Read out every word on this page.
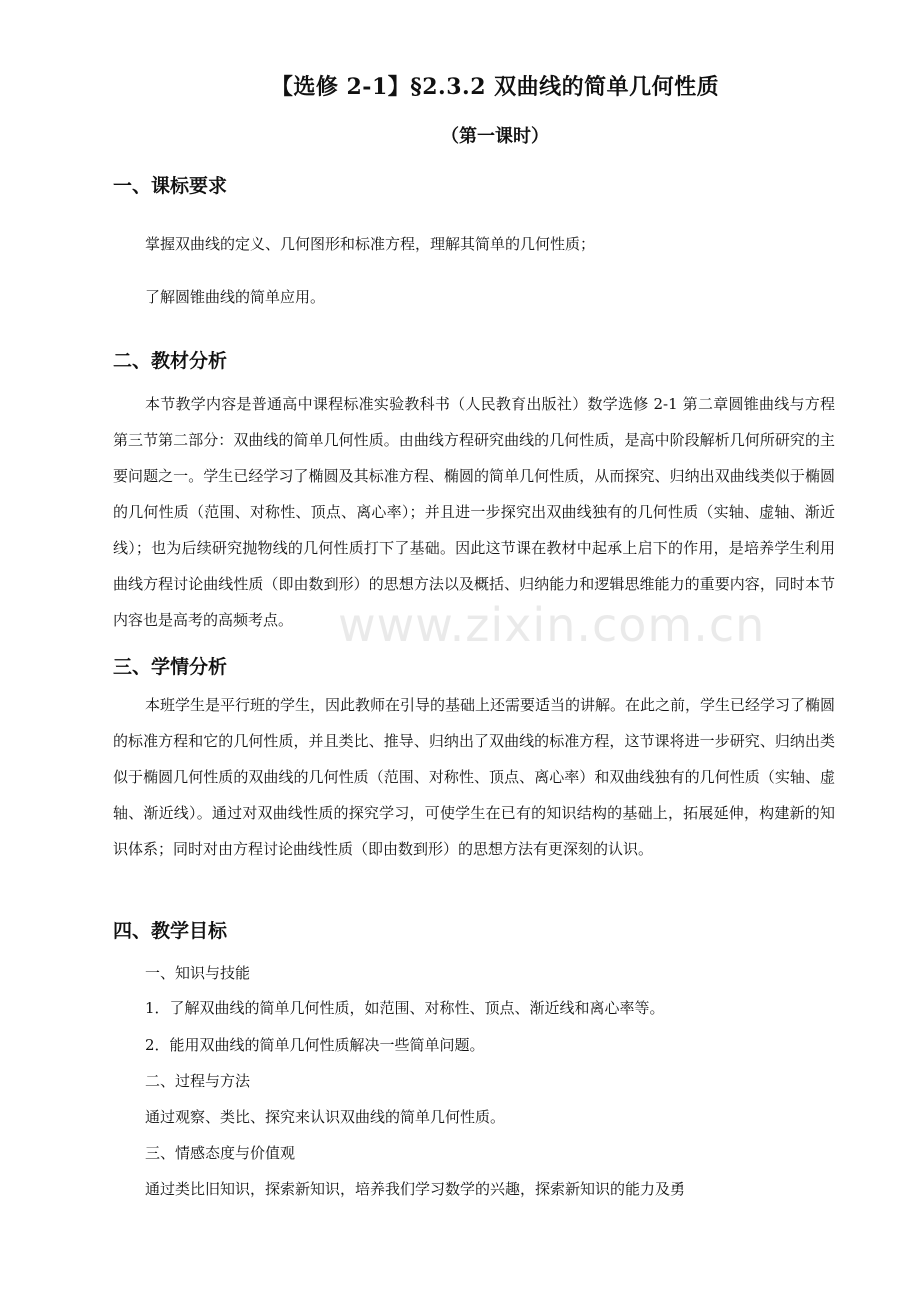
www.zixin.com.cn
【选修 2-1】§2.3.2 双曲线的简单几何性质
（第一课时）
一、课标要求
掌握双曲线的定义、几何图形和标准方程，理解其简单的几何性质；
了解圆锥曲线的简单应用。
二、教材分析
本节教学内容是普通高中课程标准实验教科书（人民教育出版社）数学选修 2-1 第二章圆锥曲线与方程第三节第二部分：双曲线的简单几何性质。由曲线方程研究曲线的几何性质，是高中阶段解析几何所研究的主要问题之一。学生已经学习了椭圆及其标准方程、椭圆的简单几何性质，从而探究、归纳出双曲线类似于椭圆的几何性质（范围、对称性、顶点、离心率）；并且进一步探究出双曲线独有的几何性质（实轴、虚轴、渐近线）；也为后续研究抛物线的几何性质打下了基础。因此这节课在教材中起承上启下的作用，是培养学生利用曲线方程讨论曲线性质（即由数到形）的思想方法以及概括、归纳能力和逻辑思维能力的重要内容，同时本节内容也是高考的高频考点。
三、学情分析
本班学生是平行班的学生，因此教师在引导的基础上还需要适当的讲解。在此之前，学生已经学习了椭圆的标准方程和它的几何性质，并且类比、推导、归纳出了双曲线的标准方程，这节课将进一步研究、归纳出类似于椭圆几何性质的双曲线的几何性质（范围、对称性、顶点、离心率）和双曲线独有的几何性质（实轴、虚轴、渐近线）。通过对双曲线性质的探究学习，可使学生在已有的知识结构的基础上，拓展延伸，构建新的知识体系；同时对由方程讨论曲线性质（即由数到形）的思想方法有更深刻的认识。
四、教学目标
一、知识与技能
1．了解双曲线的简单几何性质，如范围、对称性、顶点、渐近线和离心率等。
2．能用双曲线的简单几何性质解决一些简单问题。
二、过程与方法
通过观察、类比、探究来认识双曲线的简单几何性质。
三、情感态度与价值观
通过类比旧知识，探索新知识，培养我们学习数学的兴趣，探索新知识的能力及勇
